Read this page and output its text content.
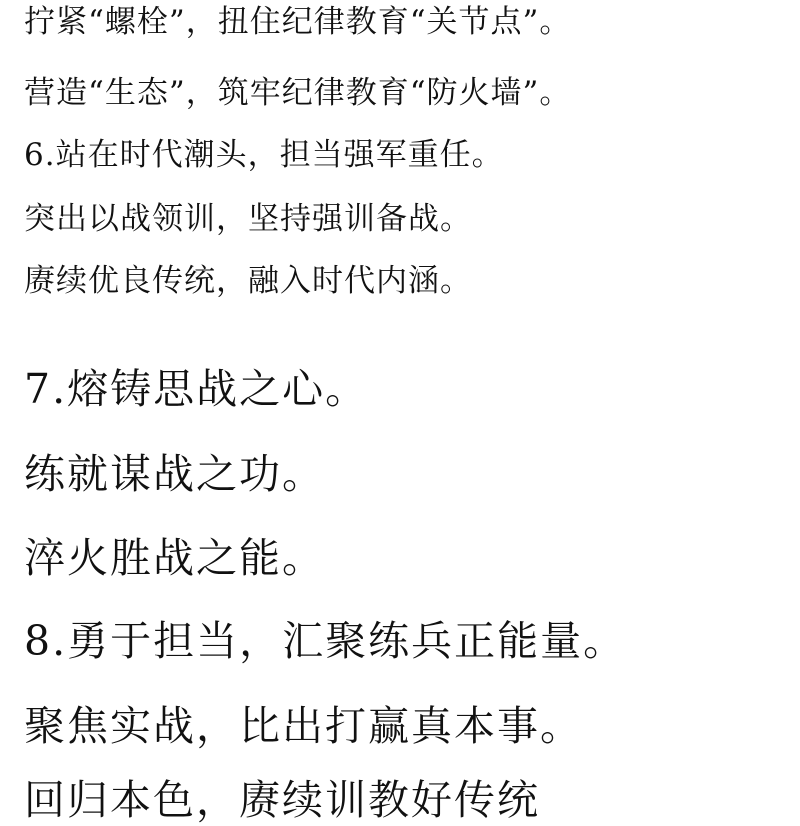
拧紧“螺栓”，扭住纪律教育“关节点”。
营造“生态”，筑牢纪律教育“防火墙”。
6.站在时代潮头，担当强军重任。
突出以战领训，坚持强训备战。
赓续优良传统，融入时代内涵。
7.熔铸思战之心。
练就谋战之功。
淬火胜战之能。
8.勇于担当，汇聚练兵正能量。
聚焦实战，比出打赢真本事。
回归本色，赓续训教好传统
